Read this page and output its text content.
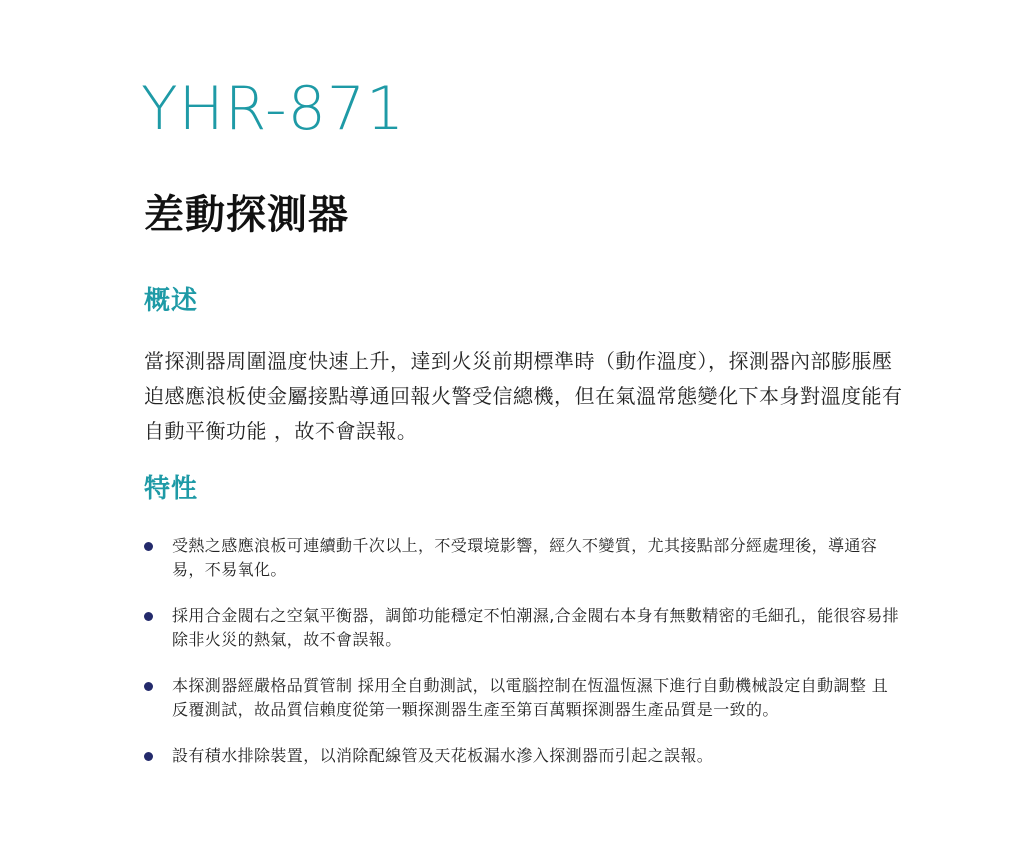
YHR-871
差動探測器
概述

當探測器周圍溫度快速上升，達到火災前期標準時（動作溫度），探測器內部膨脹壓迫感應浪板使金屬接點導通回報火警受信總機，但在氣溫常態變化下本身對溫度能有自動平衡功能 ，故不會誤報。

特性
受熱之感應浪板可連續動千次以上，不受環境影響，經久不變質，尤其接點部分經處理後，導通容易，不易氧化。
採用合金閥右之空氣平衡器，調節功能穩定不怕潮濕,合金閥右本身有無數精密的毛細孔，能很容易排除非火災的熱氣，故不會誤報。
本探測器經嚴格品質管制 採用全自動測試，以電腦控制在恆溫恆濕下進行自動機械設定自動調整 且反覆測試，故品質信賴度從第一顆探測器生產至第百萬顆探測器生產品質是一致的。
設有積水排除裝置，以消除配線管及天花板漏水滲入探測器而引起之誤報。
